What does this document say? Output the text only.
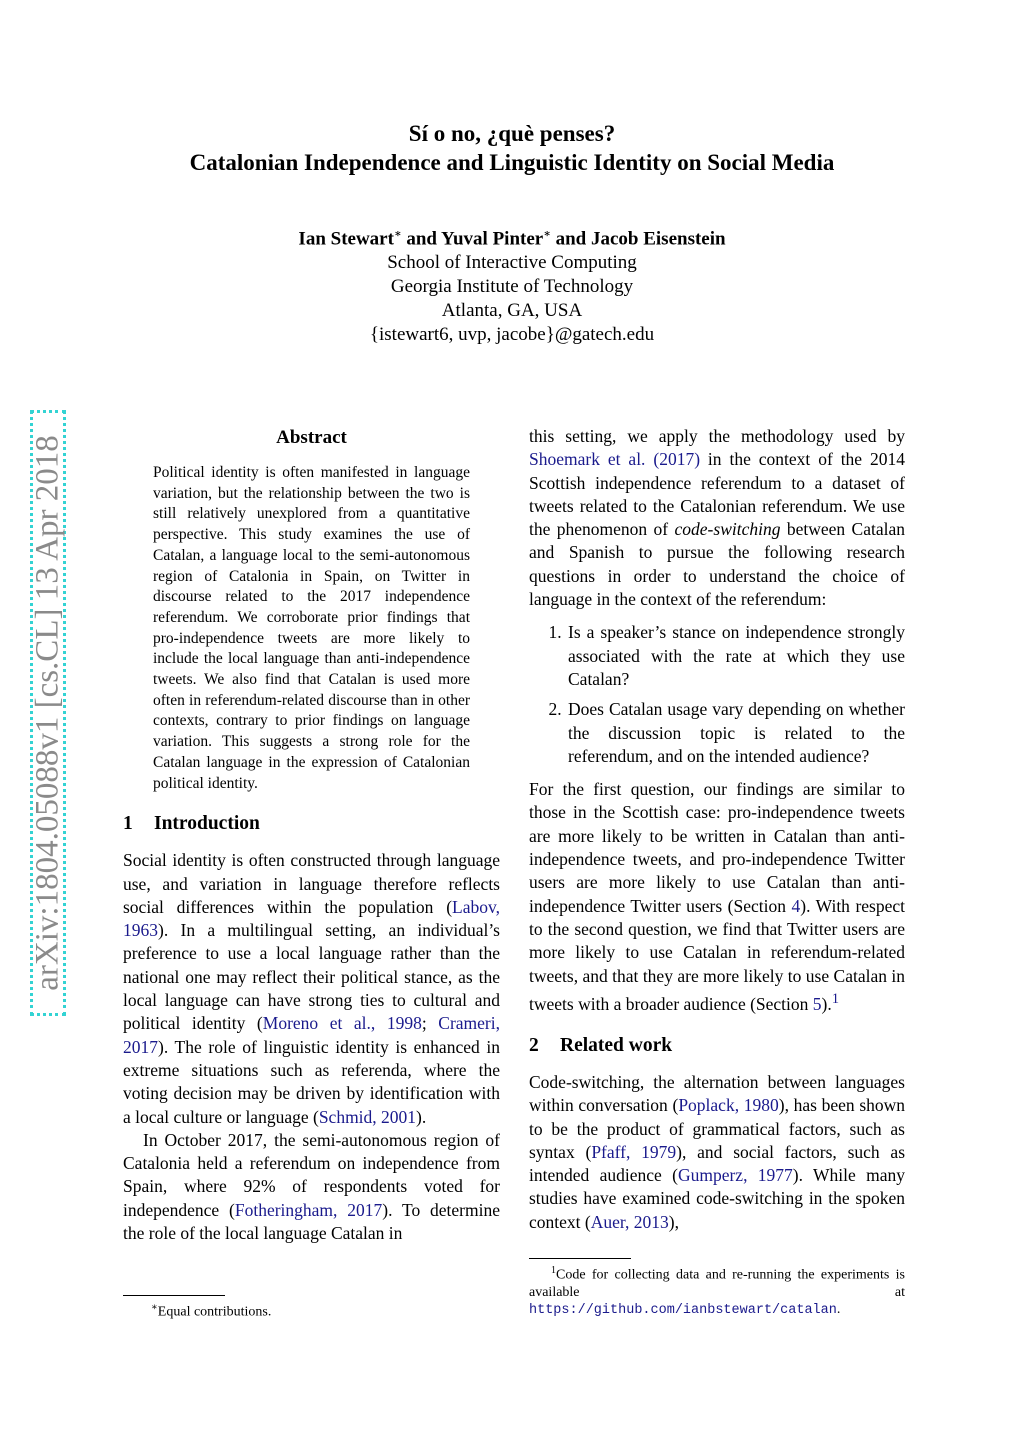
arXiv:1804.05088v1 [cs.CL] 13 Apr 2018
Sí o no, ¿què penses?
Catalonian Independence and Linguistic Identity on Social Media
Ian Stewart∗ and Yuval Pinter∗ and Jacob Eisenstein
School of Interactive Computing
Georgia Institute of Technology
Atlanta, GA, USA
{istewart6, uvp, jacobe}@gatech.edu
Abstract
Political identity is often manifested in language variation, but the relationship between the two is still relatively unexplored from a quantitative perspective. This study examines the use of Catalan, a language local to the semi-autonomous region of Catalonia in Spain, on Twitter in discourse related to the 2017 independence referendum. We corroborate prior findings that pro-independence tweets are more likely to include the local language than anti-independence tweets. We also find that Catalan is used more often in referendum-related discourse than in other contexts, contrary to prior findings on language variation. This suggests a strong role for the Catalan language in the expression of Catalonian political identity.
1 Introduction

Social identity is often constructed through language use, and variation in language therefore reflects social differences within the population (Labov, 1963). In a multilingual setting, an individual’s preference to use a local language rather than the national one may reflect their political stance, as the local language can have strong ties to cultural and political identity (Moreno et al., 1998; Crameri, 2017). The role of linguistic identity is enhanced in extreme situations such as referenda, where the voting decision may be driven by identification with a local culture or language (Schmid, 2001).

In October 2017, the semi-autonomous region of Catalonia held a referendum on independence from Spain, where 92% of respondents voted for independence (Fotheringham, 2017). To determine the role of the local language Catalan in

this setting, we apply the methodology used by Shoemark et al. (2017) in the context of the 2014 Scottish independence referendum to a dataset of tweets related to the Catalonian referendum. We use the phenomenon of code-switching between Catalan and Spanish to pursue the following research questions in order to understand the choice of language in the context of the referendum:

1. Is a speaker’s stance on independence strongly associated with the rate at which they use Catalan?
2. Does Catalan usage vary depending on whether the discussion topic is related to the referendum, and on the intended audience?

For the first question, our findings are similar to those in the Scottish case: pro-independence tweets are more likely to be written in Catalan than anti-independence tweets, and pro-independence Twitter users are more likely to use Catalan than anti-independence Twitter users (Section 4). With respect to the second question, we find that Twitter users are more likely to use Catalan in referendum-related tweets, and that they are more likely to use Catalan in tweets with a broader audience (Section 5).$^1$

2 Related work

Code-switching, the alternation between languages within conversation (Poplack, 1980), has been shown to be the product of grammatical factors, such as syntax (Pfaff, 1979), and social factors, such as intended audience (Gumperz, 1977). While many studies have examined code-switching in the spoken context (Auer, 2013),

∗Equal contributions.
$^1$Code for collecting data and re-running the experiments is available at https://github.com/ianbstewart/catalan.
